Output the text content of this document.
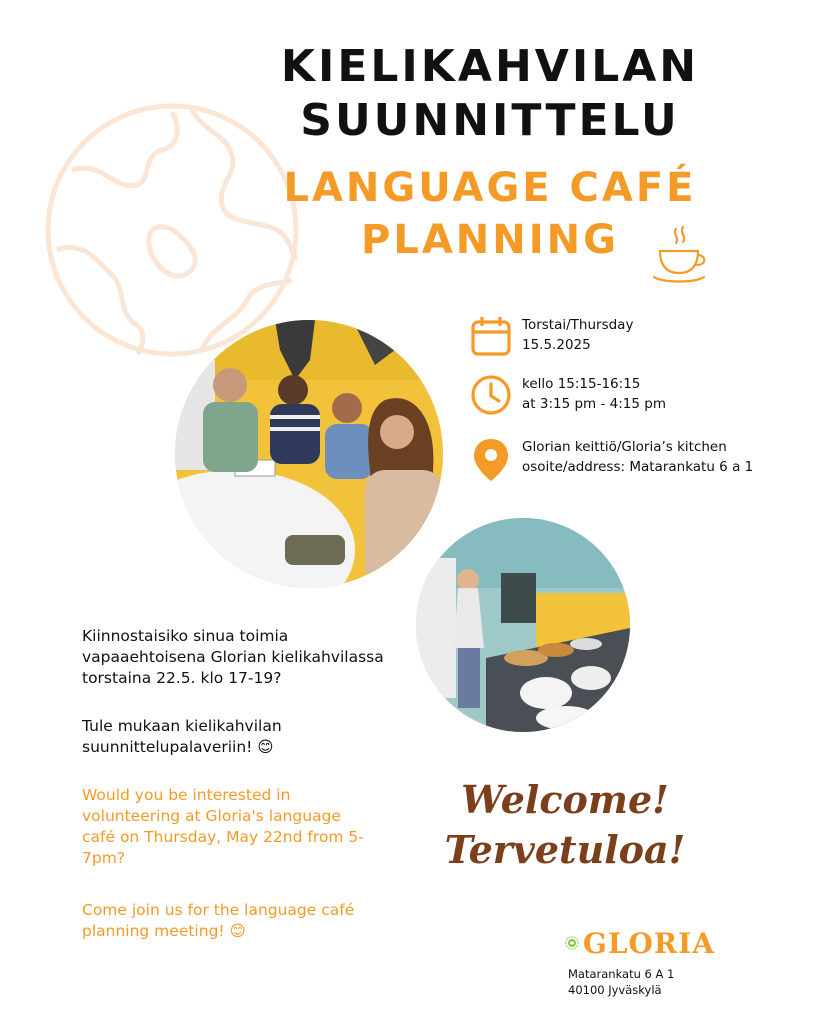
KIELIKAHVILAN
SUUNNITTELU
LANGUAGE CAFÉ
PLANNING
Torstai/Thursday
15.5.2025
kello 15:15-16:15
at 3:15 pm - 4:15 pm
Glorian keittiö/Gloria’s kitchen
osoite/address: Matarankatu 6 a 1
Kiinnostaisiko sinua toimia
vapaaehtoisena Glorian kielikahvilassa
torstaina 22.5. klo 17-19?
Tule mukaan kielikahvilan
suunnittelupalaveriin! 😊
Would you be interested in
volunteering at Gloria's language
café on Thursday, May 22nd from 5-
7pm?
Come join us for the language café
planning meeting! 😊
Welcome!
Tervetuloa!
GLORIA
Matarankatu 6 A 1
40100 Jyväskylä
